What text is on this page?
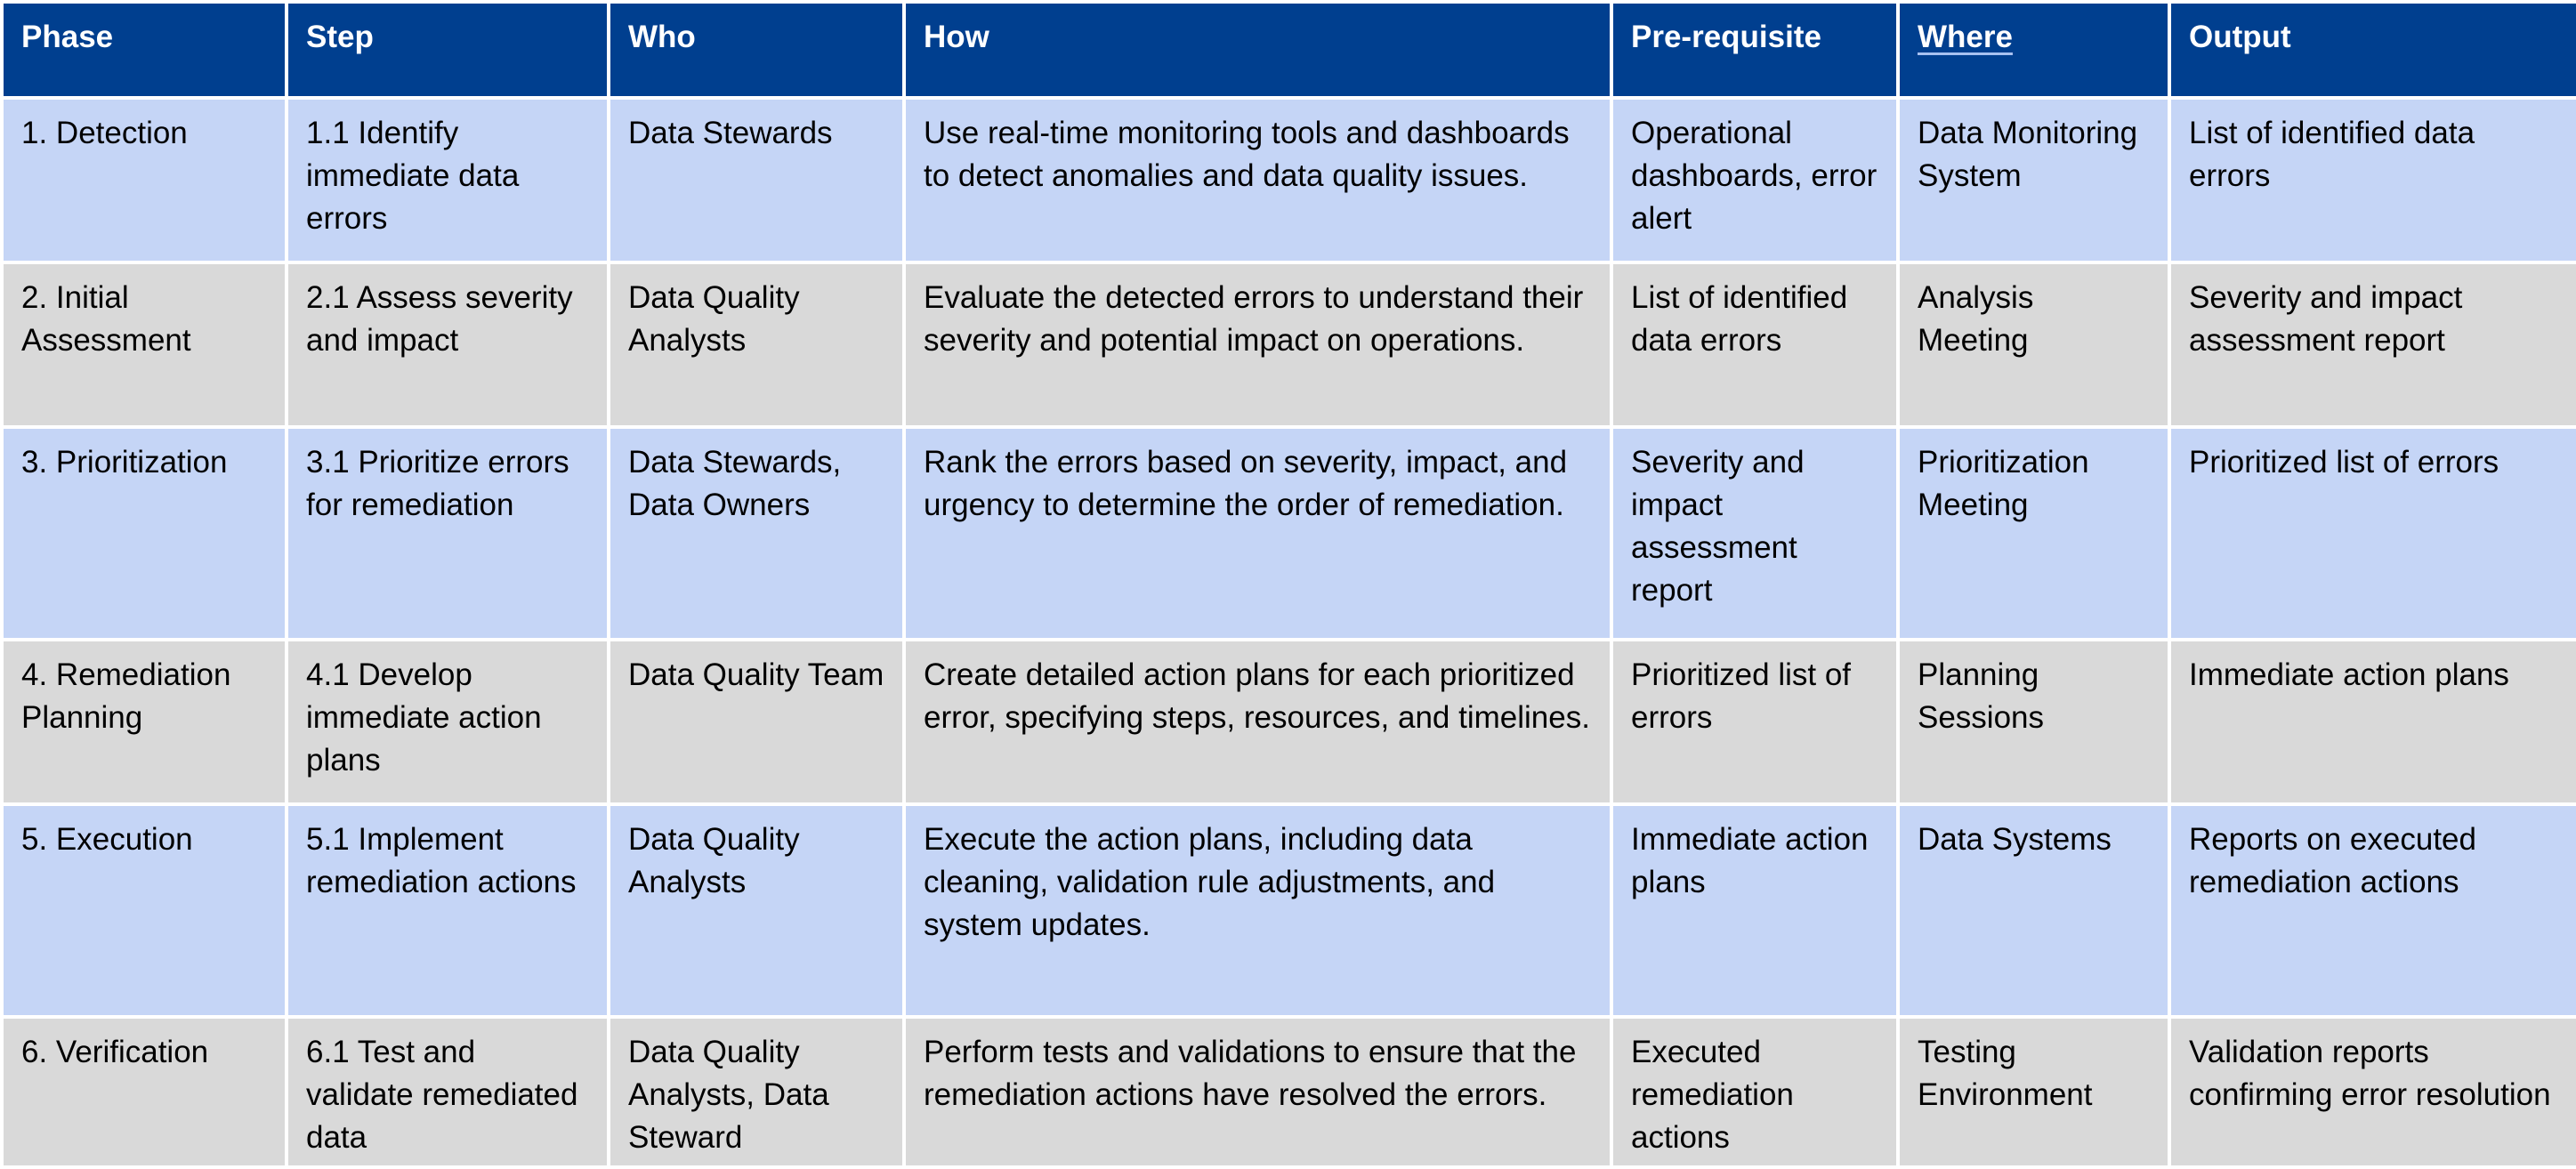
Phase	Step	Who	How	Pre-requisite	Where	Output
1. Detection	1.1 Identify immediate data errors	Data Stewards	Use real-time monitoring tools and dashboards to detect anomalies and data quality issues.	Operational dashboards, error alert	Data Monitoring System	List of identified data errors
2. Initial Assessment	2.1 Assess severity and impact	Data Quality Analysts	Evaluate the detected errors to understand their severity and potential impact on operations.	List of identified data errors	Analysis Meeting	Severity and impact assessment report
3. Prioritization	3.1 Prioritize errors for remediation	Data Stewards, Data Owners	Rank the errors based on severity, impact, and urgency to determine the order of remediation.	Severity and impact assessment report	Prioritization Meeting	Prioritized list of errors
4. Remediation Planning	4.1 Develop immediate action plans	Data Quality Team	Create detailed action plans for each prioritized error, specifying steps, resources, and timelines.	Prioritized list of errors	Planning Sessions	Immediate action plans
5. Execution	5.1 Implement remediation actions	Data Quality Analysts	Execute the action plans, including data cleaning, validation rule adjustments, and system updates.	Immediate action plans	Data Systems	Reports on executed remediation actions
6. Verification	6.1 Test and validate remediated data	Data Quality Analysts, Data Steward	Perform tests and validations to ensure that the remediation actions have resolved the errors.	Executed remediation actions	Testing Environment	Validation reports confirming error resolution
